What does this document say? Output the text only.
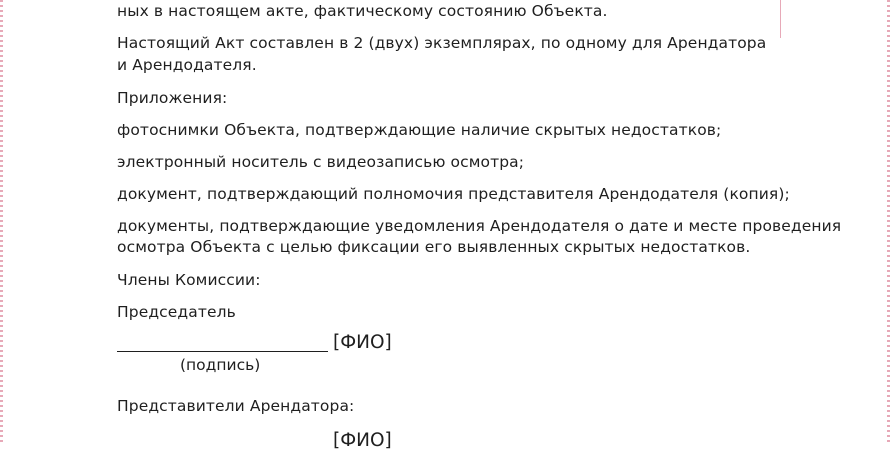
ных в настоящем акте, фактическому состоянию Объекта.
Настоящий Акт составлен в 2 (двух) экземплярах, по одному для Арендатора
и Арендодателя.
Приложения:
фотоснимки Объекта, подтверждающие наличие скрытых недостатков;
электронный носитель с видеозаписью осмотра;
документ, подтверждающий полномочия представителя Арендодателя (копия);
документы, подтверждающие уведомления Арендодателя о дате и месте проведения
осмотра Объекта с целью фиксации его выявленных скрытых недостатков.
Члены Комиссии:
Председатель
[ФИО]
(подпись)
Представители Арендатора:
[ФИО]
